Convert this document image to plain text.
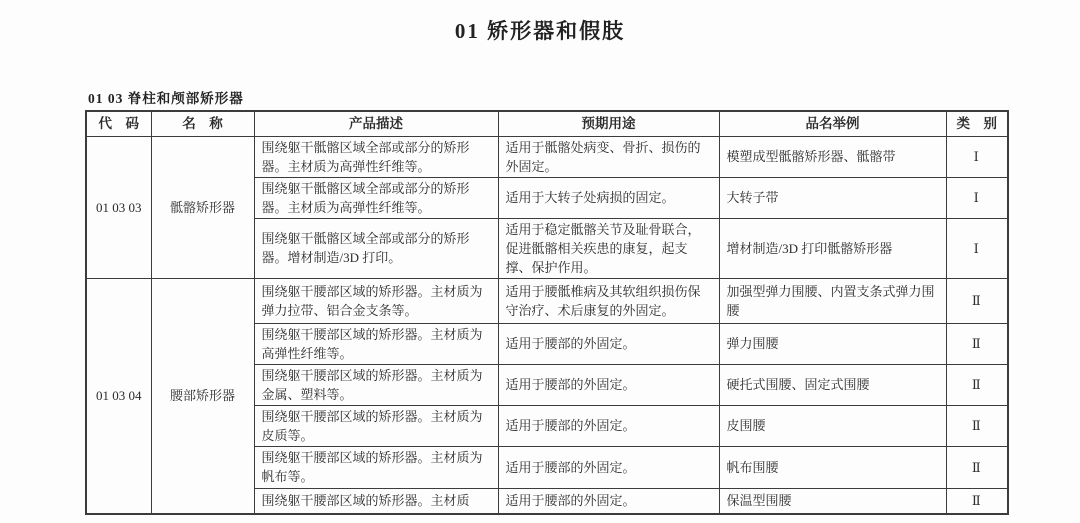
01 矫形器和假肢
01 03 脊柱和颅部矫形器
代　码	名　称	产品描述	预期用途	品名举例	类　别
01 03 03	骶髂矫形器	围绕躯干骶髂区域全部或部分的矫形器。主材质为高弹性纤维等。	适用于骶髂处病变、骨折、损伤的外固定。	模塑成型骶髂矫形器、骶髂带	Ⅰ
		围绕躯干骶髂区域全部或部分的矫形器。主材质为高弹性纤维等。	适用于大转子处病损的固定。	大转子带	Ⅰ
		围绕躯干骶髂区域全部或部分的矫形器。增材制造/3D 打印。	适用于稳定骶髂关节及耻骨联合，促进骶髂相关疾患的康复，起支撑、保护作用。	增材制造/3D 打印骶髂矫形器	Ⅰ
01 03 04	腰部矫形器	围绕躯干腰部区域的矫形器。主材质为弹力拉带、铝合金支条等。	适用于腰骶椎病及其软组织损伤保守治疗、术后康复的外固定。	加强型弹力围腰、内置支条式弹力围腰	Ⅱ
		围绕躯干腰部区域的矫形器。主材质为高弹性纤维等。	适用于腰部的外固定。	弹力围腰	Ⅱ
		围绕躯干腰部区域的矫形器。主材质为金属、塑料等。	适用于腰部的外固定。	硬托式围腰、固定式围腰	Ⅱ
		围绕躯干腰部区域的矫形器。主材质为皮质等。	适用于腰部的外固定。	皮围腰	Ⅱ
		围绕躯干腰部区域的矫形器。主材质为帆布等。	适用于腰部的外固定。	帆布围腰	Ⅱ
		围绕躯干腰部区域的矫形器。主材质	适用于腰部的外固定。	保温型围腰	Ⅱ
